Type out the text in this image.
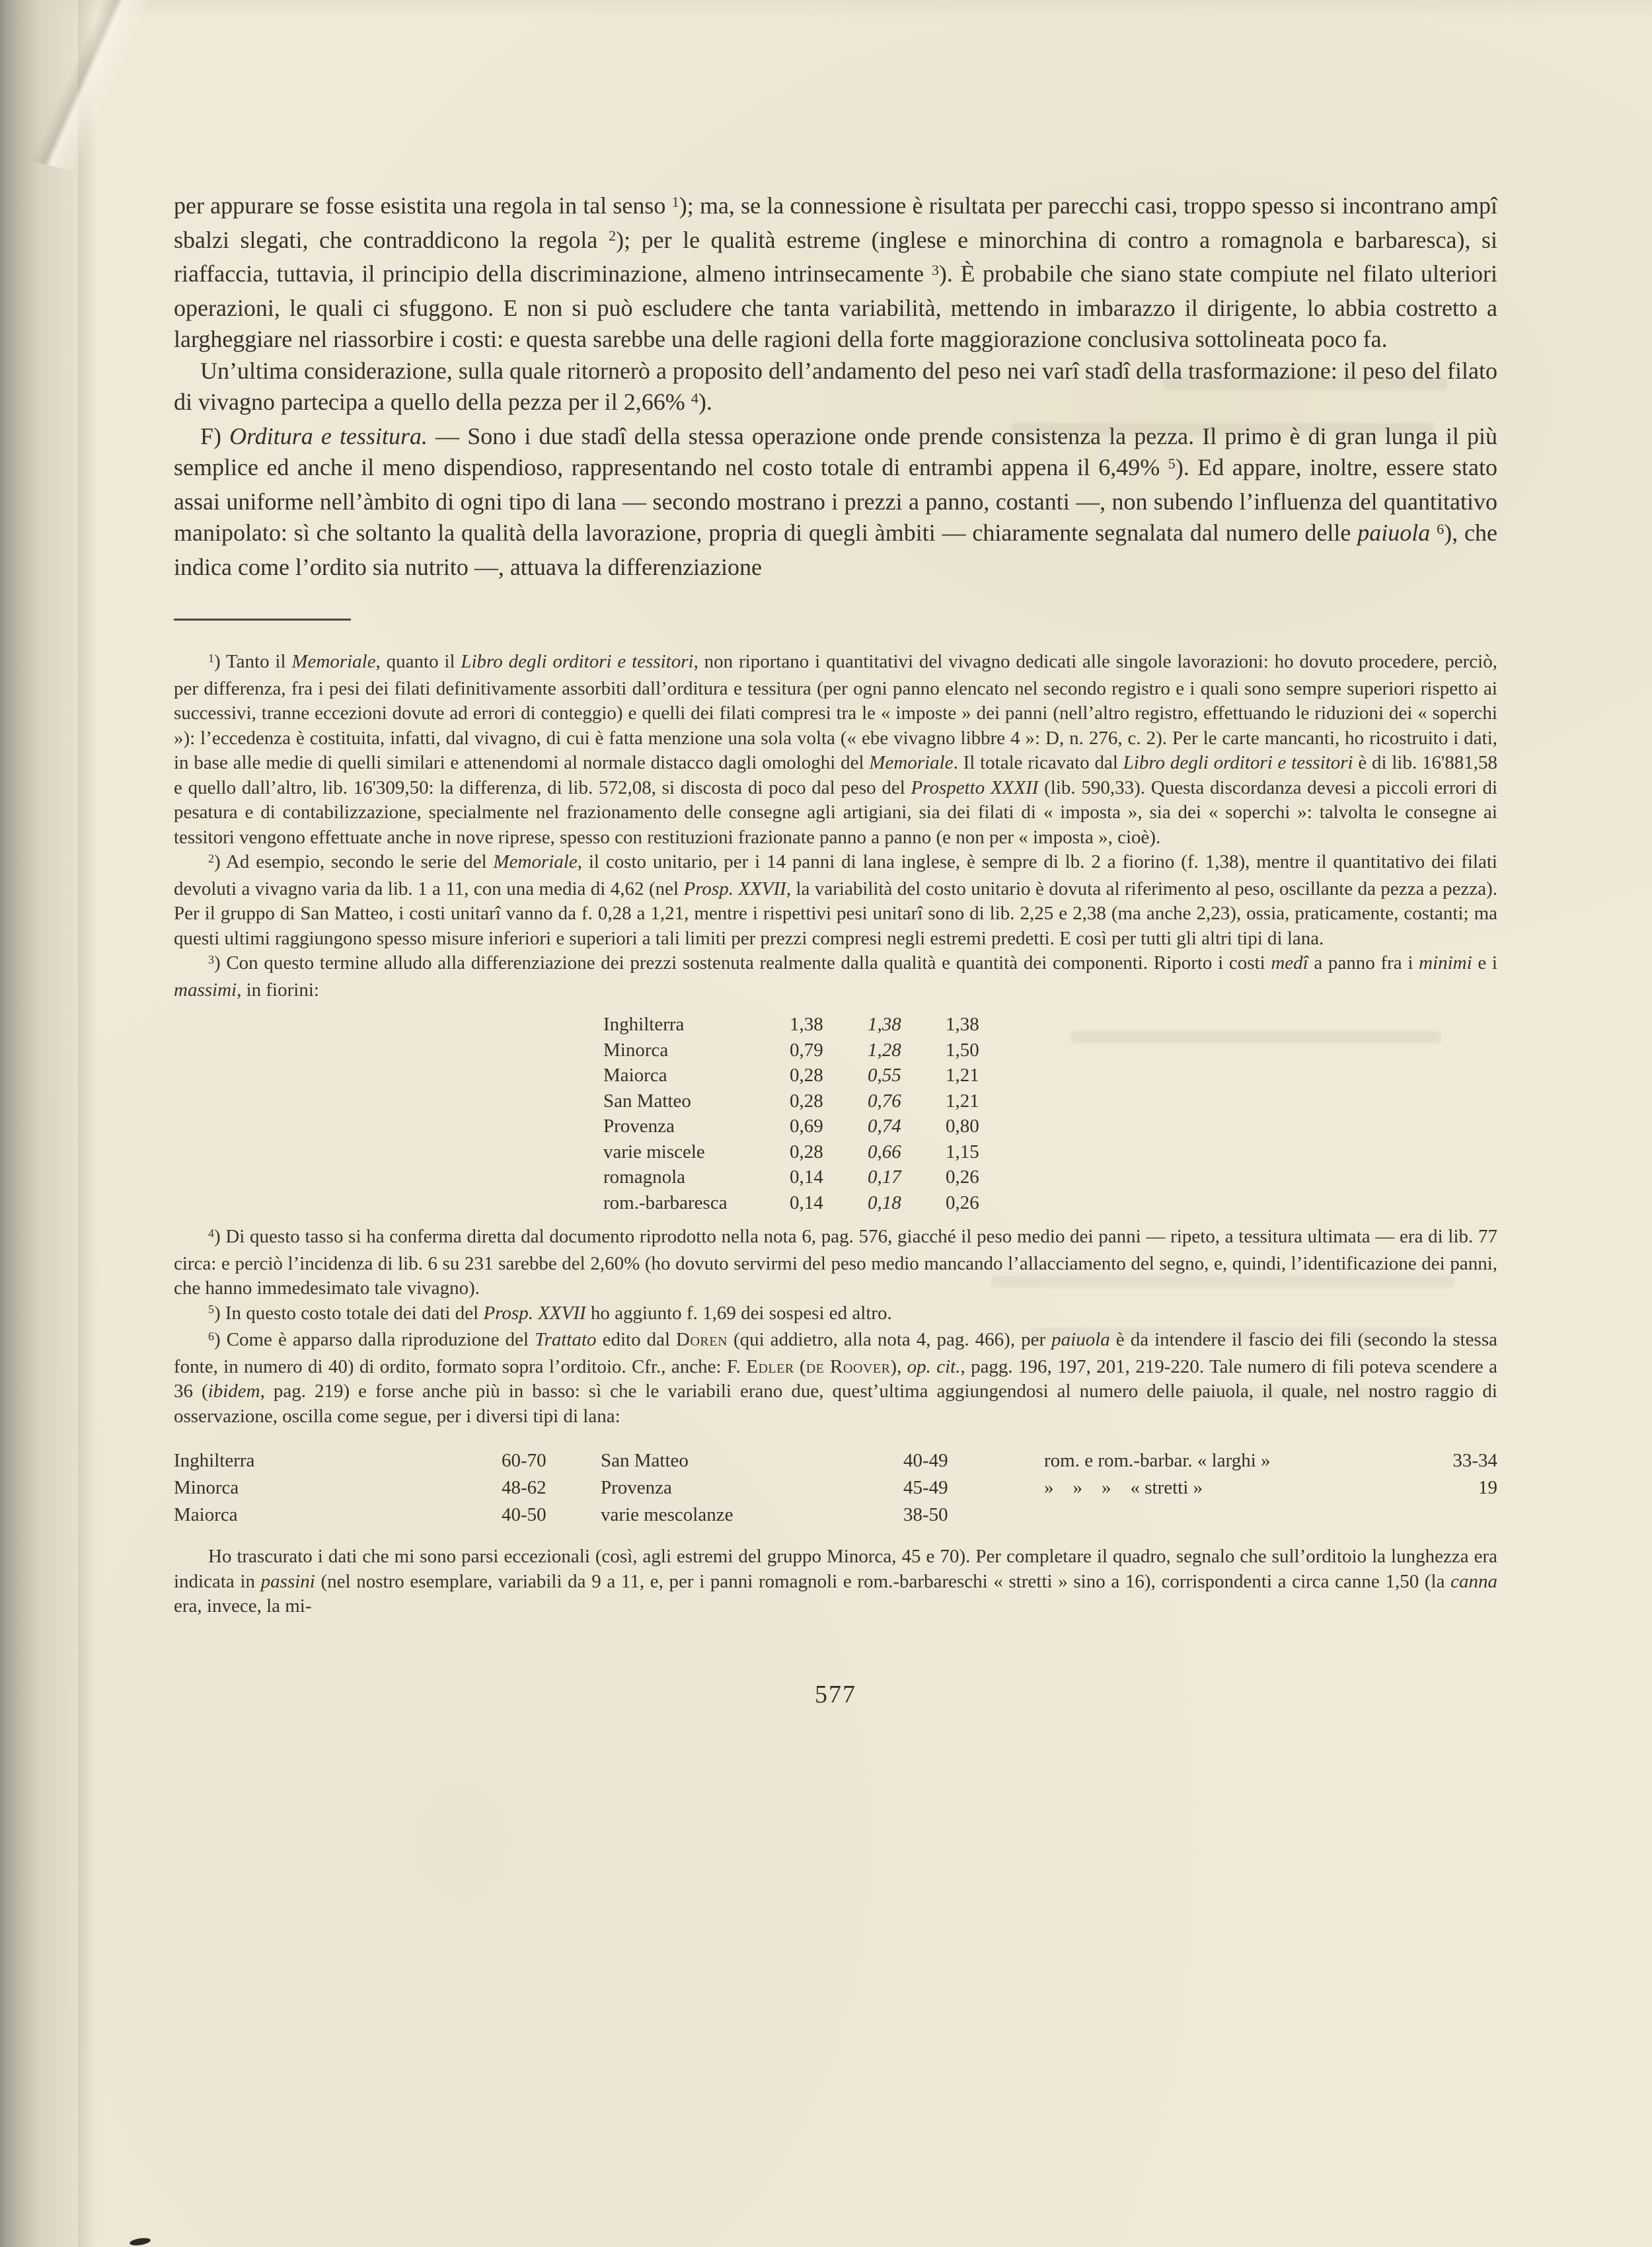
per appurare se fosse esistita una regola in tal senso $^1$); ma, se la connessione è risultata per parecchi casi, troppo spesso si incontrano ampî sbalzi slegati, che contraddicono la regola $^2$); per le qualità estreme (inglese e minorchina di contro a romagnola e barbaresca), si riaffaccia, tuttavia, il principio della discriminazione, almeno intrinsecamente $^3$). È probabile che siano state compiute nel filato ulteriori operazioni, le quali ci sfuggono. E non si può escludere che tanta variabilità, mettendo in imbarazzo il dirigente, lo abbia costretto a largheggiare nel riassorbire i costi: e questa sarebbe una delle ragioni della forte maggiorazione conclusiva sottolineata poco fa.

Un’ultima considerazione, sulla quale ritornerò a proposito dell’andamento del peso nei varî stadî della trasformazione: il peso del filato di vivagno partecipa a quello della pezza per il 2,66% $^4$).

F) Orditura e tessitura. — Sono i due stadî della stessa operazione onde prende consistenza la pezza. Il primo è di gran lunga il più semplice ed anche il meno dispendioso, rappresentando nel costo totale di entrambi appena il 6,49% $^5$). Ed appare, inoltre, essere stato assai uniforme nell’àmbito di ogni tipo di lana — secondo mostrano i prezzi a panno, costanti —, non subendo l’influenza del quantitativo manipolato: sì che soltanto la qualità della lavorazione, propria di quegli àmbiti — chiaramente segnalata dal numero delle paiuola $^6$), che indica come l’ordito sia nutrito —, attuava la differenziazione

$^1$) Tanto il Memoriale, quanto il Libro degli orditori e tessitori, non riportano i quantitativi del vivagno dedicati alle singole lavorazioni: ho dovuto procedere, perciò, per differenza, fra i pesi dei filati definitivamente assorbiti dall’orditura e tessitura (per ogni panno elencato nel secondo registro e i quali sono sempre superiori rispetto ai successivi, tranne eccezioni dovute ad errori di conteggio) e quelli dei filati compresi tra le « imposte » dei panni (nell’altro registro, effettuando le riduzioni dei « soperchi »): l’eccedenza è costituita, infatti, dal vivagno, di cui è fatta menzione una sola volta (« ebe vivagno libbre 4 »: D, n. 276, c. 2). Per le carte mancanti, ho ricostruito i dati, in base alle medie di quelli similari e attenendomi al normale distacco dagli omologhi del Memoriale. Il totale ricavato dal Libro degli orditori e tessitori è di lib. 16'881,58 e quello dall’altro, lib. 16'309,50: la differenza, di lib. 572,08, si discosta di poco dal peso del Prospetto XXXII (lib. 590,33). Questa discordanza devesi a piccoli errori di pesatura e di contabilizzazione, specialmente nel frazionamento delle consegne agli artigiani, sia dei filati di « imposta », sia dei « soperchi »: talvolta le consegne ai tessitori vengono effettuate anche in nove riprese, spesso con restituzioni frazionate panno a panno (e non per « imposta », cioè).

$^2$) Ad esempio, secondo le serie del Memoriale, il costo unitario, per i 14 panni di lana inglese, è sempre di lb. 2 a fiorino (f. 1,38), mentre il quantitativo dei filati devoluti a vivagno varia da lib. 1 a 11, con una media di 4,62 (nel Prosp. XXVII, la variabilità del costo unitario è dovuta al riferimento al peso, oscillante da pezza a pezza). Per il gruppo di San Matteo, i costi unitarî vanno da f. 0,28 a 1,21, mentre i rispettivi pesi unitarî sono di lib. 2,25 e 2,38 (ma anche 2,23), ossia, praticamente, costanti; ma questi ultimi raggiungono spesso misure inferiori e superiori a tali limiti per prezzi compresi negli estremi predetti. E così per tutti gli altri tipi di lana.

$^3$) Con questo termine alludo alla differenziazione dei prezzi sostenuta realmente dalla qualità e quantità dei componenti. Riporto i costi medî a panno fra i minimi e i massimi, in fiorini:

Inghilterra	1,38	1,38	1,38
Minorca	0,79	1,28	1,50
Maiorca	0,28	0,55	1,21
San Matteo	0,28	0,76	1,21
Provenza	0,69	0,74	0,80
varie miscele	0,28	0,66	1,15
romagnola	0,14	0,17	0,26
rom.-barbaresca	0,14	0,18	0,26

$^4$) Di questo tasso si ha conferma diretta dal documento riprodotto nella nota 6, pag. 576, giacché il peso medio dei panni — ripeto, a tessitura ultimata — era di lib. 77 circa: e perciò l’incidenza di lib. 6 su 231 sarebbe del 2,60% (ho dovuto servirmi del peso medio mancando l’allacciamento del segno, e, quindi, l’identificazione dei panni, che hanno immedesimato tale vivagno).

$^5$) In questo costo totale dei dati del Prosp. XXVII ho aggiunto f. 1,69 dei sospesi ed altro.

$^6$) Come è apparso dalla riproduzione del Trattato edito dal Doren (qui addietro, alla nota 4, pag. 466), per paiuola è da intendere il fascio dei fili (secondo la stessa fonte, in numero di 40) di ordito, formato sopra l’orditoio. Cfr., anche: F. Edler (de Roover), op. cit., pagg. 196, 197, 201, 219-220. Tale numero di fili poteva scendere a 36 (ibidem, pag. 219) e forse anche più in basso: sì che le variabili erano due, quest’ultima aggiungendosi al numero delle paiuola, il quale, nel nostro raggio di osservazione, oscilla come segue, per i diversi tipi di lana:

Inghilterra	60-70	San Matteo	40-49	rom. e rom.-barbar. « larghi »	33-34
Minorca	48-62	Provenza	45-49	»    »    »    « stretti »	19
Maiorca	40-50	varie mescolanze	38-50		

Ho trascurato i dati che mi sono parsi eccezionali (così, agli estremi del gruppo Minorca, 45 e 70). Per completare il quadro, segnalo che sull’orditoio la lunghezza era indicata in passini (nel nostro esemplare, variabili da 9 a 11, e, per i panni romagnoli e rom.-barbareschi « stretti » sino a 16), corrispondenti a circa canne 1,50 (la canna era, invece, la mi-

577
